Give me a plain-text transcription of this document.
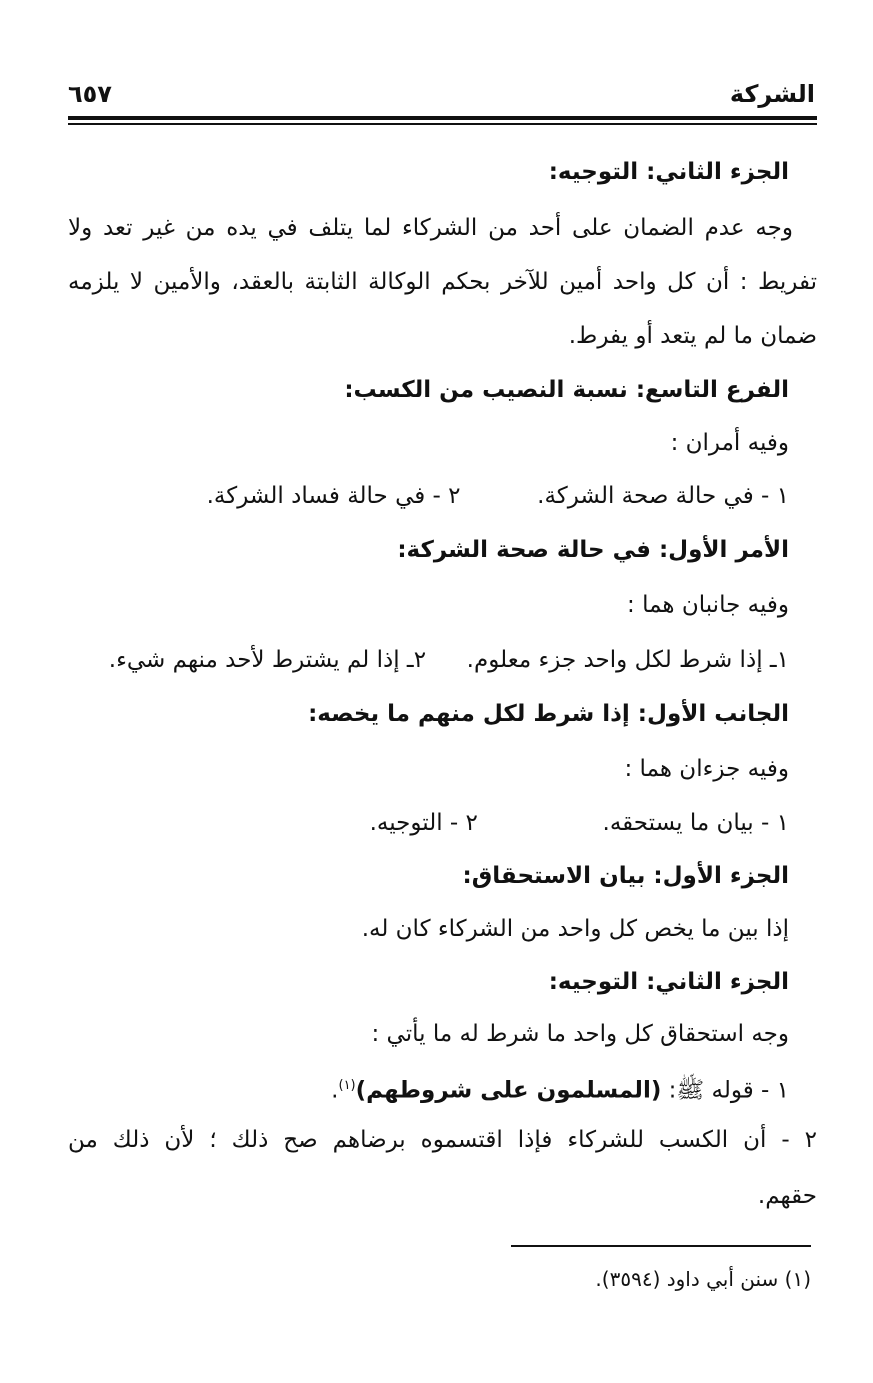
الشركة
٦٥٧
الجزء الثاني: التوجيه:
وجه عدم الضمان على أحد من الشركاء لما يتلف في يده من غير تعد ولا
تفريط : أن كل واحد أمين للآخر بحكم الوكالة الثابتة بالعقد، والأمين لا يلزمه
ضمان ما لم يتعد أو يفرط.
الفرع التاسع: نسبة النصيب من الكسب:
وفيه أمران :
١ - في حالة صحة الشركة.  ٢ - في حالة فساد الشركة.
الأمر الأول: في حالة صحة الشركة:
وفيه جانبان هما :
١ـ إذا شرط لكل واحد جزء معلوم.  ٢ـ إذا لم يشترط لأحد منهم شيء.
الجانب الأول: إذا شرط لكل منهم ما يخصه:
وفيه جزءان هما :
١ - بيان ما يستحقه.  ٢ - التوجيه.
الجزء الأول: بيان الاستحقاق:
إذا بين ما يخص كل واحد من الشركاء كان له.
الجزء الثاني: التوجيه:
وجه استحقاق كل واحد ما شرط له ما يأتي :
١ - قوله ﷺ: (المسلمون على شروطهم)$^{(١)}$.
٢ - أن الكسب للشركاء فإذا اقتسموه برضاهم صح ذلك ؛ لأن ذلك من
حقهم.
(١) سنن أبي داود (٣٥٩٤).
